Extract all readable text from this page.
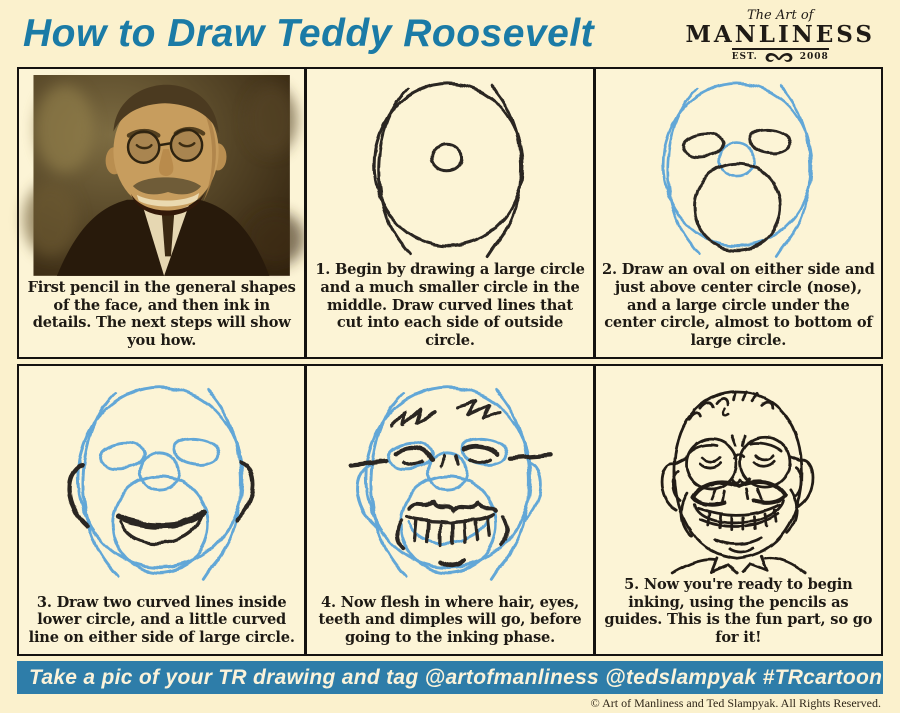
How to Draw Teddy Roosevelt	The Art of
MANLINESS
EST.	2008

First pencil in the general shapes of the face, and then ink in details. The next steps will show you how.

1. Begin by drawing a large circle and a much smaller circle in the middle. Draw curved lines that cut into each side of outside circle.

2. Draw an oval on either side and just above center circle (nose), and a large circle under the center circle, almost to bottom of large circle.

3. Draw two curved lines inside lower circle, and a little curved line on either side of large circle.

4. Now flesh in where hair, eyes, teeth and dimples will go, before going to the inking phase.

5. Now you're ready to begin inking, using the pencils as guides. This is the fun part, so go for it!

Take a pic of your TR drawing and tag @artofmanliness @tedslampyak #TRcartoon
© Art of Manliness and Ted Slampyak. All Rights Reserved.
